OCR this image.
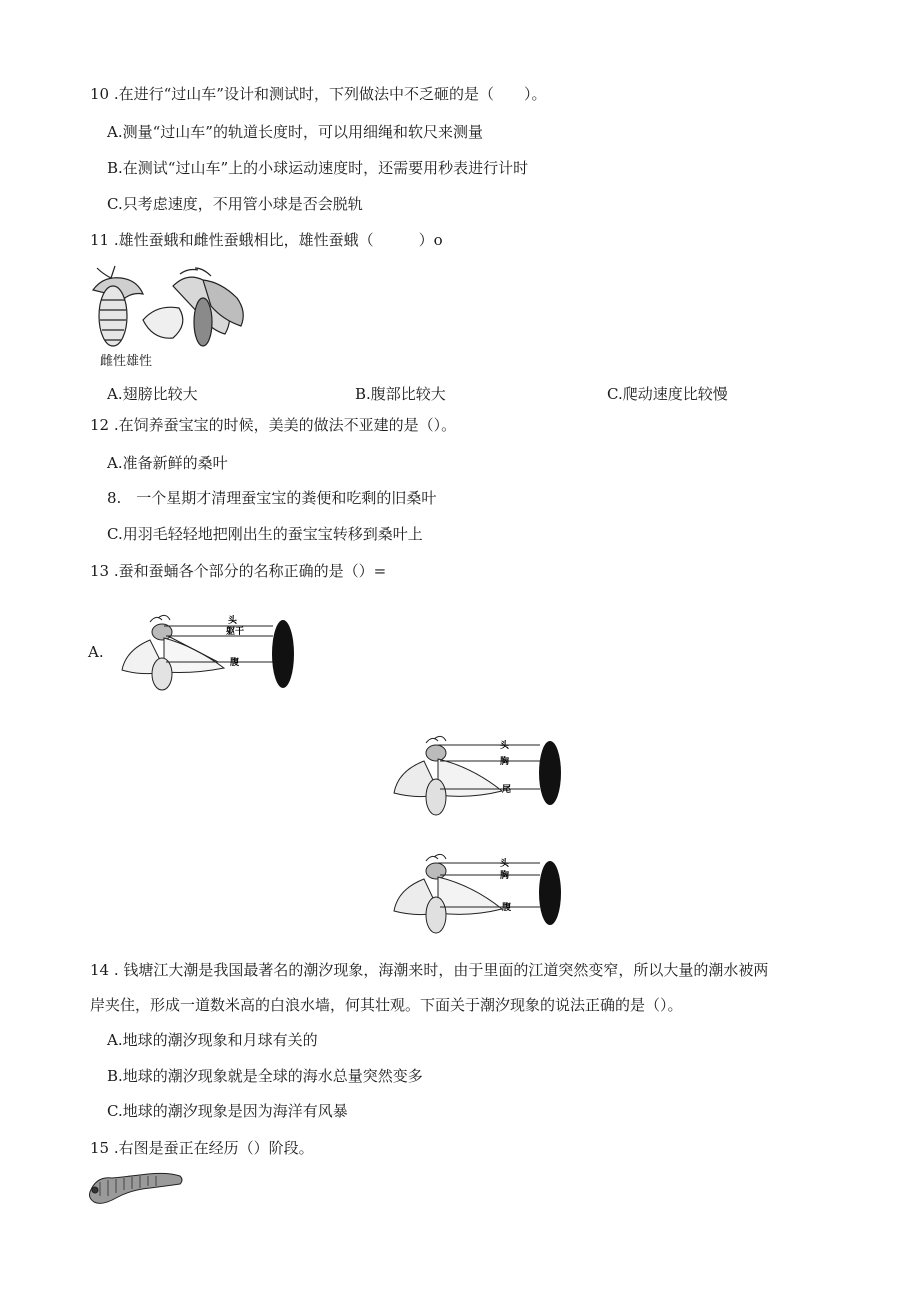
10 .在进行“过山车”设计和测试时，下列做法中不乏砸的是（　　）。
A.测量“过山车”的轨道长度时，可以用细绳和软尺来测量
B.在测试“过山车”上的小球运动速度时，还需要用秒表进行计时
C.只考虑速度，不用管小球是否会脱轨
11 .雄性蚕蛾和雌性蚕蛾相比，雄性蚕蛾（　　　）o
雌性雄性
A.翅膀比较大	B.腹部比较大	C.爬动速度比较慢
12 .在饲养蚕宝宝的时候，美美的做法不亚建的是（）。
A.准备新鲜的桑叶
8.　一个星期才清理蚕宝宝的粪便和吃剩的旧桑叶
C.用羽毛轻轻地把刚出生的蚕宝宝转移到桑叶上
13 .蚕和蚕蛹各个部分的名称正确的是（）=
A.
头
躯干
腹
头
胸
尾
头
胸
腹
14 . 钱塘江大潮是我国最著名的潮汐现象，海潮来时，由于里面的江道突然变窄，所以大量的潮水被两
岸夹住，形成一道数米高的白浪水墙，何其壮观。下面关于潮汐现象的说法正确的是（）。
A.地球的潮汐现象和月球有关的
B.地球的潮汐现象就是全球的海水总量突然变多
C.地球的潮汐现象是因为海洋有风暴
15 .右图是蚕正在经历（）阶段。
